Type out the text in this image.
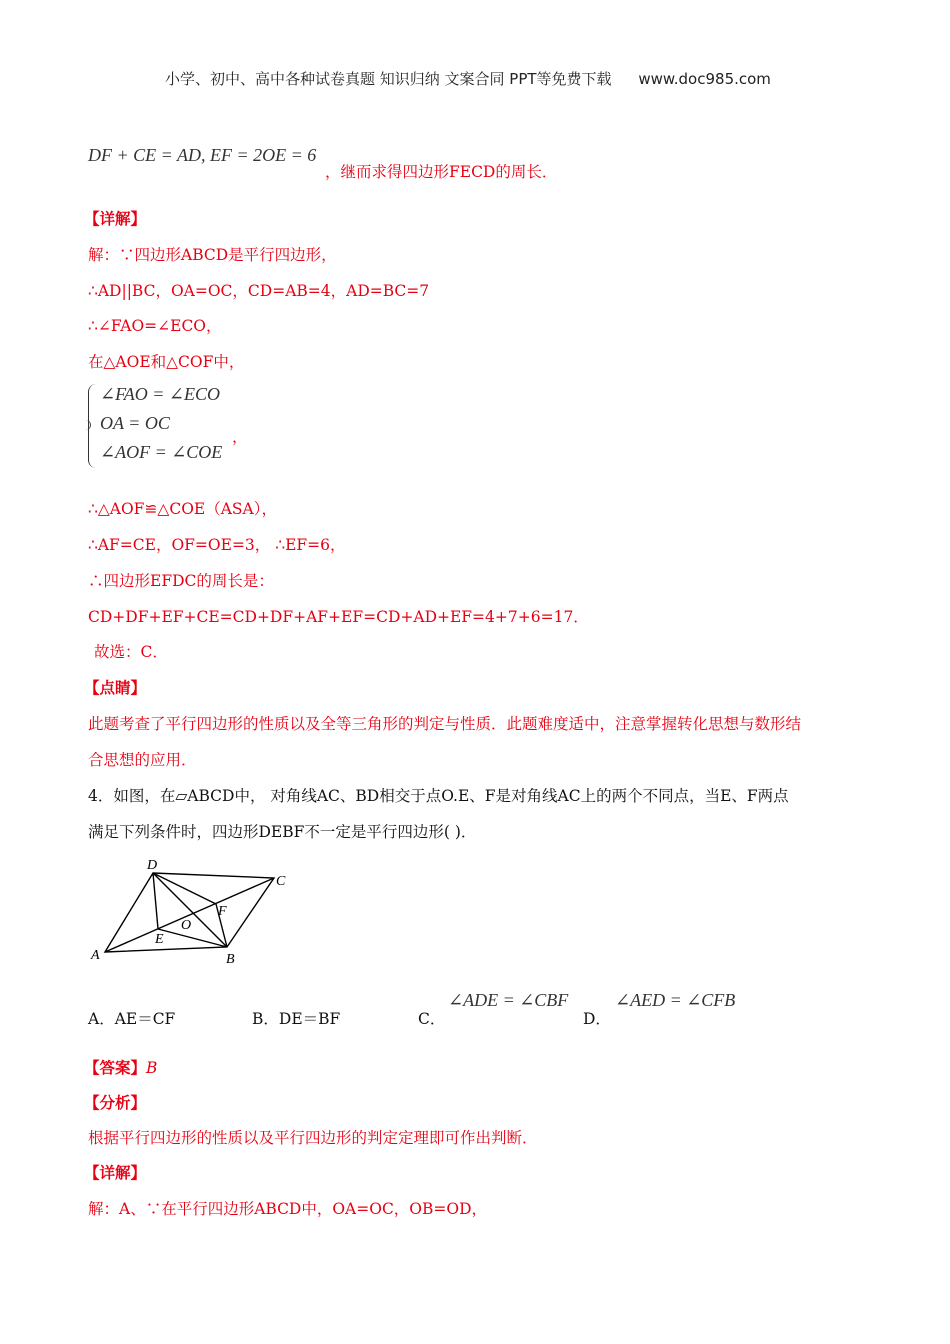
小学、初中、高中各种试卷真题 知识归纳 文案合同 PPT等免费下载 www.doc985.com
DF + CE = AD, EF = 2OE = 6
，继而求得四边形FECD的周长．
【详解】
解：∵四边形ABCD是平行四边形，
∴AD||BC，OA=OC，CD=AB=4，AD=BC=7
∴∠FAO=∠ECO，
在△AOE和△COF中，
∠FAO = ∠ECO
OA = OC
∠AOF = ∠COE
，
∴△AOF≌△COE（ASA），
∴AF=CE，OF=OE=3， ∴EF=6，
∴四边形EFDC的周长是：
CD+DF+EF+CE=CD+DF+AF+EF=CD+AD+EF=4+7+6=17．
故选：C．
【点睛】
此题考查了平行四边形的性质以及全等三角形的判定与性质．此题难度适中，注意掌握转化思想与数形结
合思想的应用．
4．如图，在▱ABCD中， 对角线AC、BD相交于点O.E、F是对角线AC上的两个不同点，当E、F两点
满足下列条件时，四边形DEBF不一定是平行四边形( )．
A	B
C
D
E
F
O
A．AE＝CF	B．DE＝BF	C．
∠ADE = ∠CBF
D．
∠AED = ∠CFB
【答案】B
【分析】
根据平行四边形的性质以及平行四边形的判定定理即可作出判断．
【详解】
解：A、∵在平行四边形ABCD中，OA=OC，OB=OD，
